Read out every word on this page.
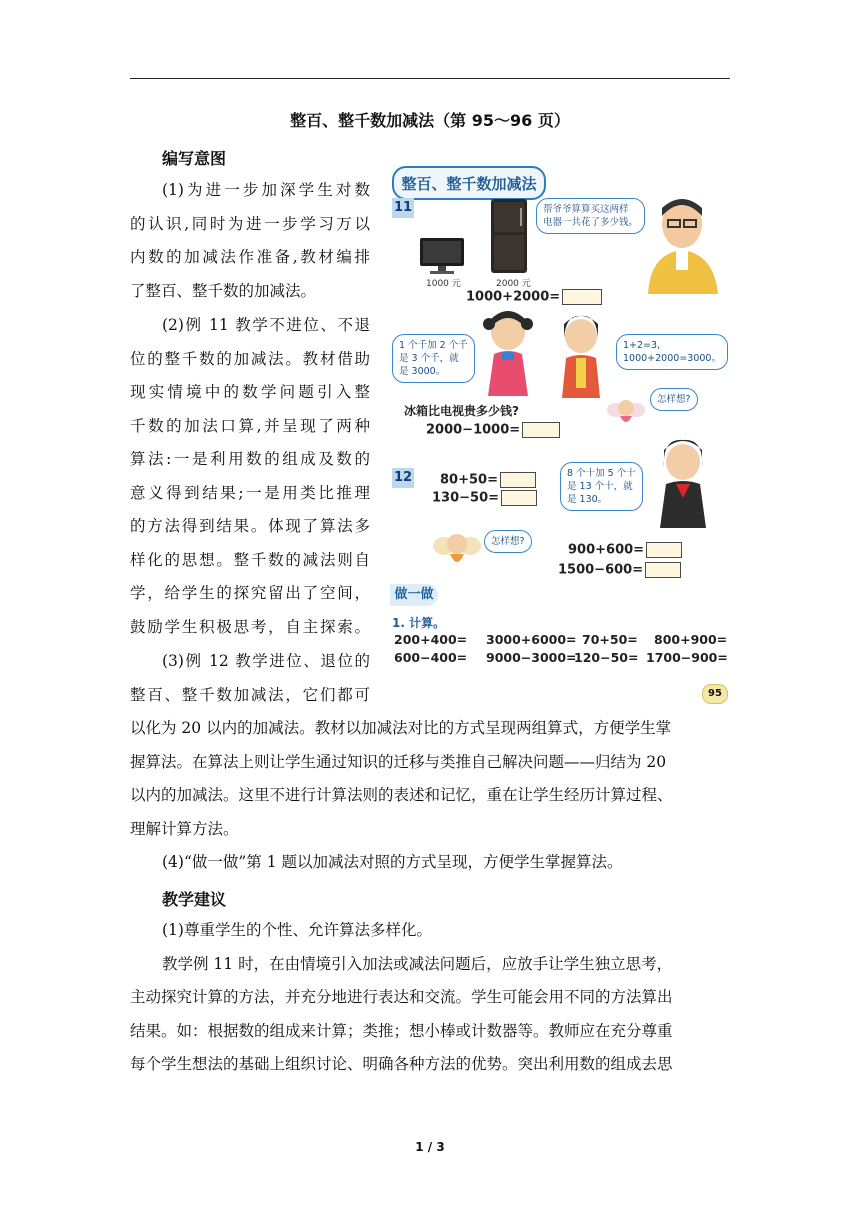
整百、整千数加减法（第 95～96 页）
编写意图

(1)为进一步加深学生对数

的认识,同时为进一步学习万以

内数的加减法作准备,教材编排

了整百、整千数的加减法。

(2)例 11 教学不进位、不退

位的整千数的加减法。教材借助

现实情境中的数学问题引入整

千数的加法口算,并呈现了两种

算法:一是利用数的组成及数的

意义得到结果;一是用类比推理

的方法得到结果。体现了算法多

样化的思想。整千数的减法则自

学，给学生的探究留出了空间，

鼓励学生积极思考，自主探索。

(3)例 12 教学进位、退位的

整百、整千数加减法，它们都可

以化为 20 以内的加减法。教材以加减法对比的方式呈现两组算式，方便学生掌

握算法。在算法上则让学生通过知识的迁移与类推自己解决问题——归结为 20

以内的加减法。这里不进行计算法则的表述和记忆，重在让学生经历计算过程、

理解计算方法。

(4)“做一做”第 1 题以加减法对照的方式呈现，方便学生掌握算法。

教学建议

(1)尊重学生的个性、允许算法多样化。

教学例 11 时，在由情境引入加法或减法问题后，应放手让学生独立思考，

主动探究计算的方法，并充分地进行表达和交流。学生可能会用不同的方法算出

结果。如：根据数的组成来计算；类推；想小棒或计数器等。教师应在充分尊重

每个学生想法的基础上组织讨论、明确各种方法的优势。突出利用数的组成去思

1 / 3
整百、整千数加减法
11
1000 元	2000 元
帮爷爷算算买这两样
电器一共花了多少钱。
1000+2000=
1 个千加 2 个千
是 3 个千，就
是 3000。
1+2=3,
1000+2000=3000。
冰箱比电视贵多少钱?
2000−1000=
怎样想?
12 80+50=
130−50=
8 个十加 5 个十
是 13 个十，就
是 130。
怎样想?
900+600=
1500−600=
做一做
1. 计算。
200+400= 3000+6000= 70+50= 800+900=
600−400= 9000−3000=
120−50= 1700−900=
95
